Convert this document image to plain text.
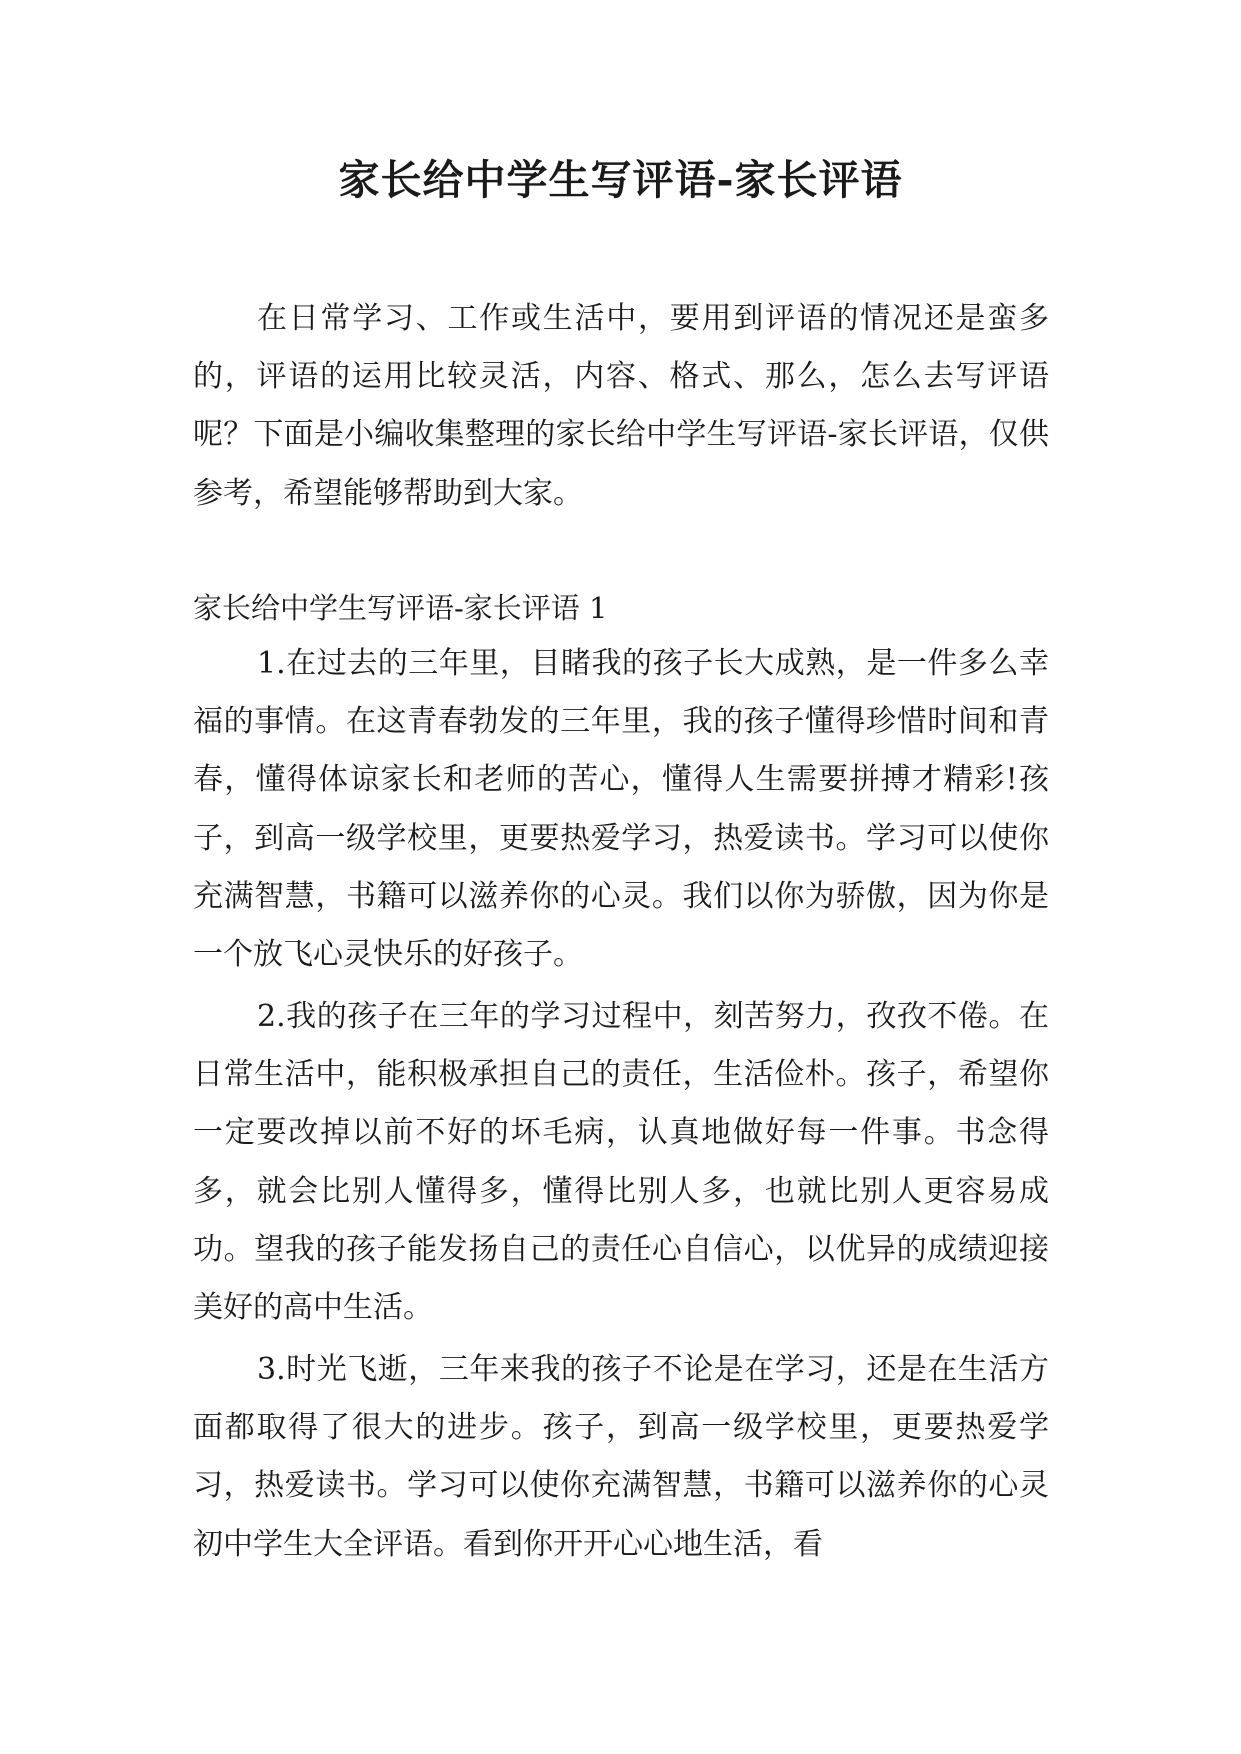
家长给中学生写评语-家长评语

在日常学习、工作或生活中，要用到评语的情况还是蛮多的，评语的运用比较灵活，内容、格式、那么，怎么去写评语呢？下面是小编收集整理的家长给中学生写评语-家长评语，仅供参考，希望能够帮助到大家。

家长给中学生写评语-家长评语 1

1.在过去的三年里，目睹我的孩子长大成熟，是一件多么幸福的事情。在这青春勃发的三年里，我的孩子懂得珍惜时间和青春，懂得体谅家长和老师的苦心，懂得人生需要拼搏才精彩!孩子，到高一级学校里，更要热爱学习，热爱读书。学习可以使你充满智慧，书籍可以滋养你的心灵。我们以你为骄傲，因为你是一个放飞心灵快乐的好孩子。

2.我的孩子在三年的学习过程中，刻苦努力，孜孜不倦。在日常生活中，能积极承担自己的责任，生活俭朴。孩子，希望你一定要改掉以前不好的坏毛病，认真地做好每一件事。书念得多，就会比别人懂得多，懂得比别人多，也就比别人更容易成功。望我的孩子能发扬自己的责任心自信心，以优异的成绩迎接美好的高中生活。

3.时光飞逝，三年来我的孩子不论是在学习，还是在生活方面都取得了很大的进步。孩子，到高一级学校里，更要热爱学习，热爱读书。学习可以使你充满智慧，书籍可以滋养你的心灵初中学生大全评语。看到你开开心心地生活，看
